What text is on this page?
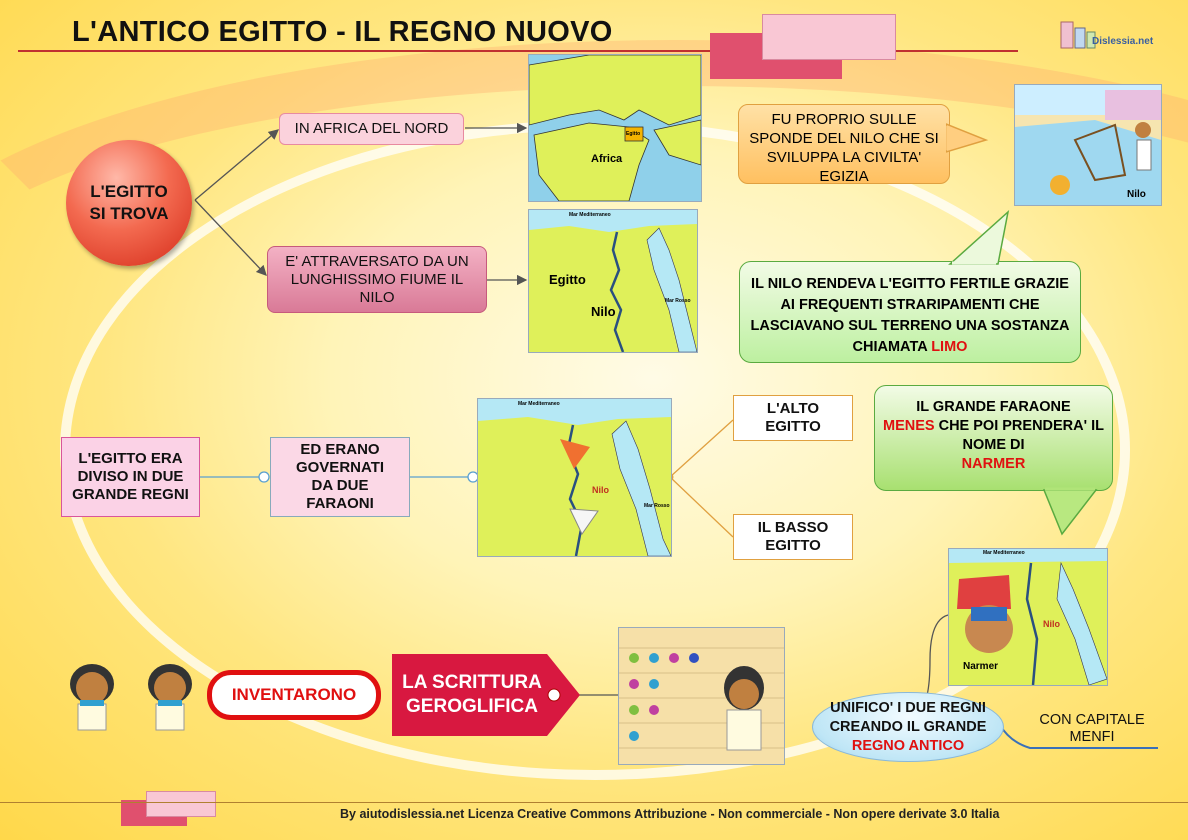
L'ANTICO EGITTO - IL REGNO NUOVO	Dislessia.net
L'EGITTO SI TROVA
IN AFRICA DEL NORD
E' ATTRAVERSATO DA UN LUNGHISSIMO FIUME IL NILO
Africa
Egitto
Mar Mediterraneo
Egitto
Nilo
Mar Rosso
FU PROPRIO SULLE SPONDE DEL NILO CHE SI SVILUPPA LA CIVILTA' EGIZIA
Nilo
IL NILO RENDEVA L'EGITTO FERTILE GRAZIE AI FREQUENTI STRARIPAMENTI CHE LASCIAVANO SUL TERRENO UNA SOSTANZA CHIAMATA LIMO
L'EGITTO ERA DIVISO IN DUE GRANDE REGNI
ED ERANO GOVERNATI DA DUE FARAONI
Mar Mediterraneo
Nilo
Mar Rosso
L'ALTO EGITTO
IL BASSO EGITTO
IL GRANDE FARAONE
MENES CHE POI PRENDERA' IL NOME DI
NARMER
Mar Mediterraneo
Nilo
Narmer
UNIFICO' I DUE REGNI CREANDO IL GRANDE
REGNO ANTICO
CON CAPITALE MENFI
INVENTARONO
LA SCRITTURA GEROGLIFICA
By aiutodislessia.net Licenza Creative Commons Attribuzione - Non commerciale - Non opere derivate 3.0 Italia
